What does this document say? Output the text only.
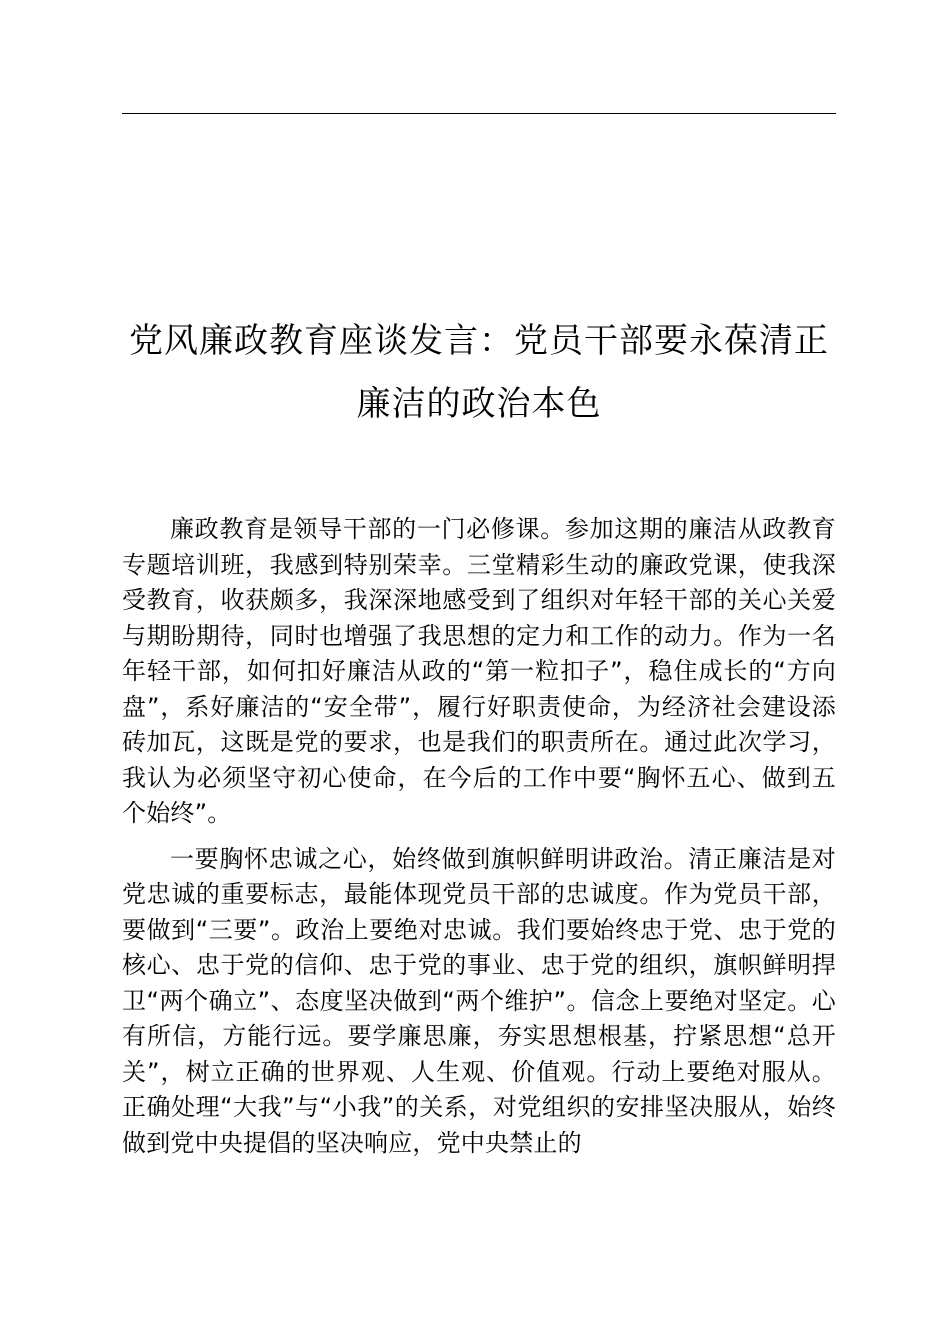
党风廉政教育座谈发言：党员干部要永葆清正廉洁的政治本色

廉政教育是领导干部的一门必修课。参加这期的廉洁从政教育专题培训班，我感到特别荣幸。三堂精彩生动的廉政党课，使我深受教育，收获颇多，我深深地感受到了组织对年轻干部的关心关爱与期盼期待，同时也增强了我思想的定力和工作的动力。作为一名年轻干部，如何扣好廉洁从政的“第一粒扣子”，稳住成长的“方向盘”，系好廉洁的“安全带”，履行好职责使命，为经济社会建设添砖加瓦，这既是党的要求，也是我们的职责所在。通过此次学习，我认为必须坚守初心使命，在今后的工作中要“胸怀五心、做到五个始终”。

一要胸怀忠诚之心，始终做到旗帜鲜明讲政治。清正廉洁是对党忠诚的重要标志，最能体现党员干部的忠诚度。作为党员干部，要做到“三要”。政治上要绝对忠诚。我们要始终忠于党、忠于党的核心、忠于党的信仰、忠于党的事业、忠于党的组织，旗帜鲜明捍卫“两个确立”、态度坚决做到“两个维护”。信念上要绝对坚定。心有所信，方能行远。要学廉思廉，夯实思想根基，拧紧思想“总开关”，树立正确的世界观、人生观、价值观。行动上要绝对服从。正确处理“大我”与“小我”的关系，对党组织的安排坚决服从，始终做到党中央提倡的坚决响应，党中央禁止的
